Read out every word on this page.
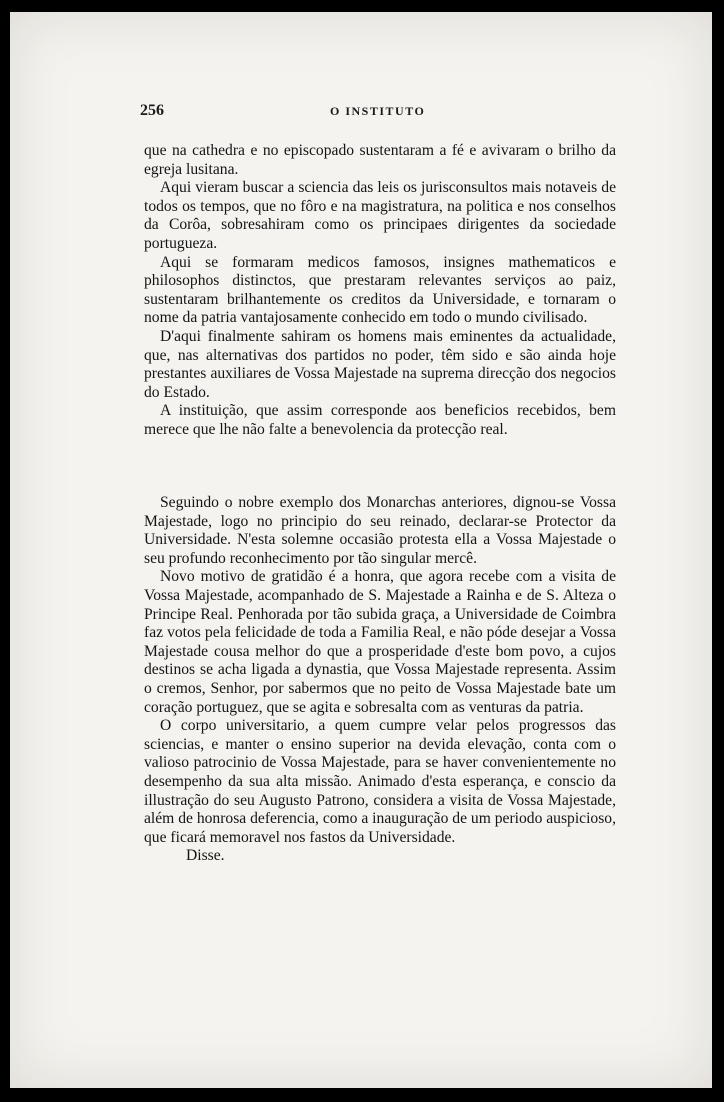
256	O INSTITUTO

que na cathedra e no episcopado sustentaram a fé e avivaram o brilho da egreja lusitana.

Aqui vieram buscar a sciencia das leis os jurisconsultos mais notaveis de todos os tempos, que no fôro e na magistratura, na politica e nos conselhos da Corôa, sobresahiram como os principaes dirigentes da sociedade portugueza.

Aqui se formaram medicos famosos, insignes mathematicos e philosophos distinctos, que prestaram relevantes serviços ao paiz, sustentaram brilhantemente os creditos da Universidade, e tornaram o nome da patria vantajosamente conhecido em todo o mundo civilisado.

D'aqui finalmente sahiram os homens mais eminentes da actualidade, que, nas alternativas dos partidos no poder, têm sido e são ainda hoje prestantes auxiliares de Vossa Majestade na suprema direcção dos negocios do Estado.

A instituição, que assim corresponde aos beneficios recebidos, bem merece que lhe não falte a benevolencia da protecção real.

Seguindo o nobre exemplo dos Monarchas anteriores, dignou-se Vossa Majestade, logo no principio do seu reinado, declarar-se Protector da Universidade. N'esta solemne occasião protesta ella a Vossa Majestade o seu profundo reconhecimento por tão singular mercê.

Novo motivo de gratidão é a honra, que agora recebe com a visita de Vossa Majestade, acompanhado de S. Majestade a Rainha e de S. Alteza o Principe Real. Penhorada por tão subida graça, a Universidade de Coimbra faz votos pela felicidade de toda a Familia Real, e não póde desejar a Vossa Majestade cousa melhor do que a prosperidade d'este bom povo, a cujos destinos se acha ligada a dynastia, que Vossa Majestade representa. Assim o cremos, Senhor, por sabermos que no peito de Vossa Majestade bate um coração portuguez, que se agita e sobresalta com as venturas da patria.

O corpo universitario, a quem cumpre velar pelos progressos das sciencias, e manter o ensino superior na devida elevação, conta com o valioso patrocinio de Vossa Majestade, para se haver convenientemente no desempenho da sua alta missão. Animado d'esta esperança, e conscio da illustração do seu Augusto Patrono, considera a visita de Vossa Majestade, além de honrosa deferencia, como a inauguração de um periodo auspicioso, que ficará memoravel nos fastos da Universidade.

Disse.
